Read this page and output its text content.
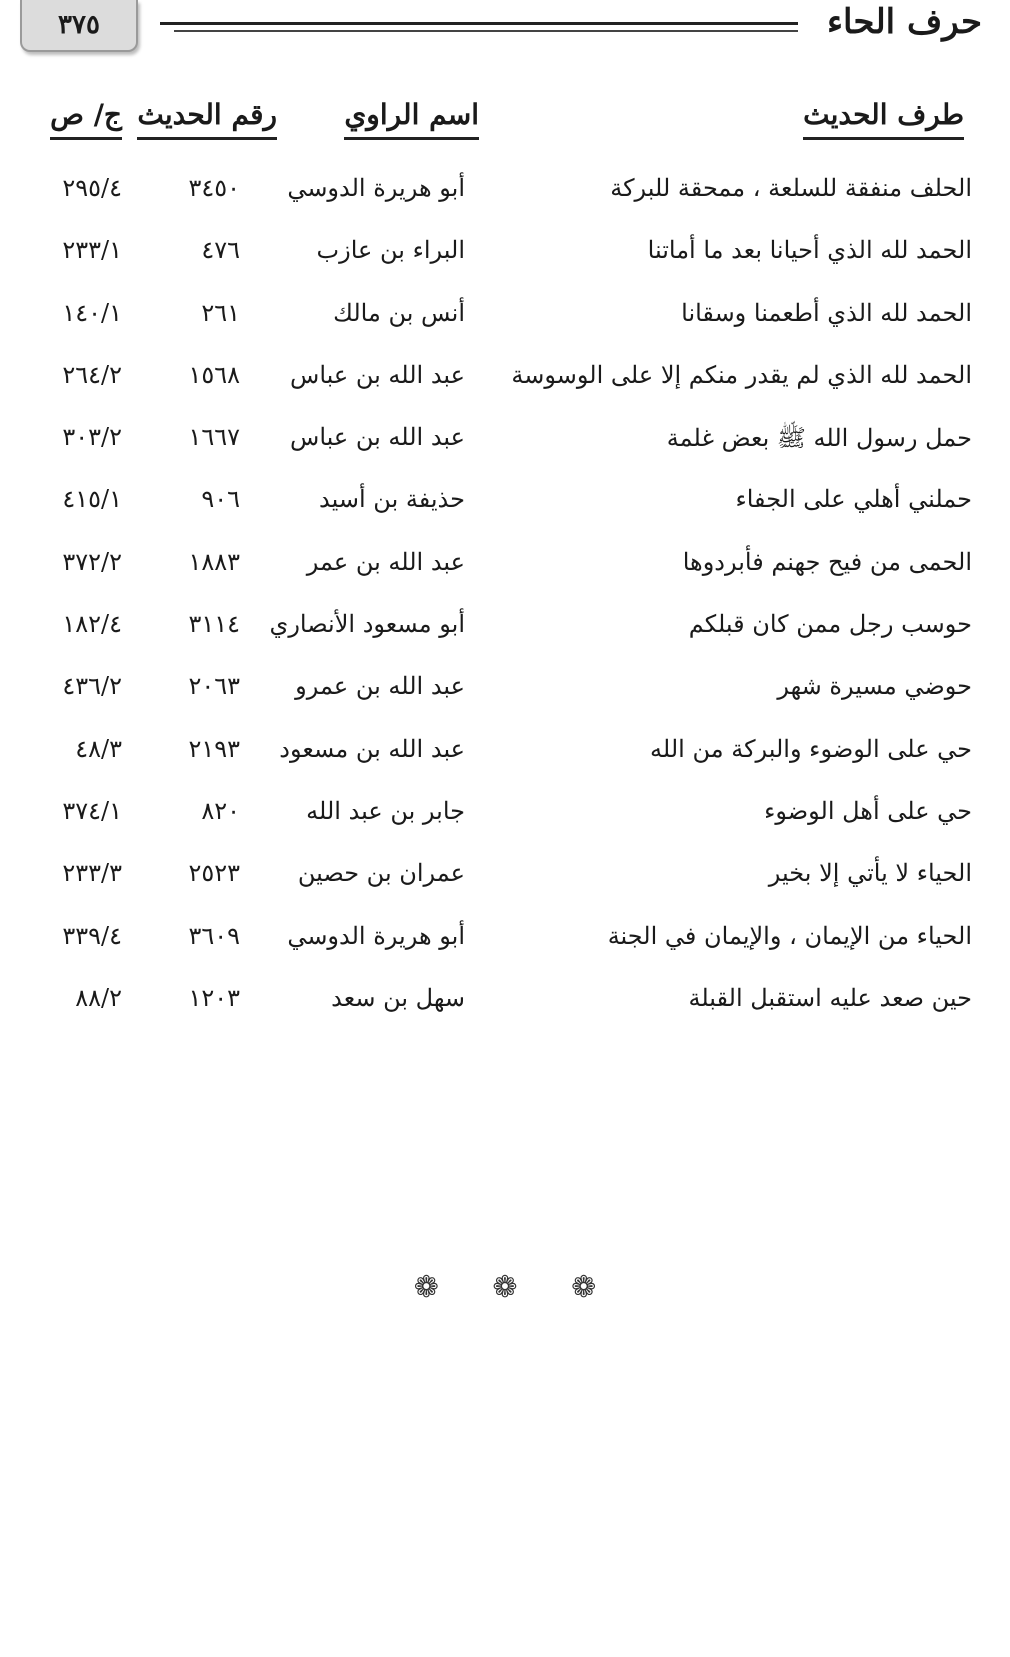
٣٧٥	حرف الحاء
طرف الحديث
اسم الراوي
رقم الحديث
ج/ ص
الحلف منفقة للسلعة ، ممحقة للبركة
أبو هريرة الدوسي
٣٤٥٠
٢٩٥/٤
الحمد لله الذي أحيانا بعد ما أماتنا
البراء بن عازب
٤٧٦
٢٣٣/١
الحمد لله الذي أطعمنا وسقانا
أنس بن مالك
٢٦١
١٤٠/١
الحمد لله الذي لم يقدر منكم إلا على الوسوسة
عبد الله بن عباس
١٥٦٨
٢٦٤/٢
حمل رسول الله ﷺ بعض غلمة
عبد الله بن عباس
١٦٦٧
٣٠٣/٢
حملني أهلي على الجفاء
حذيفة بن أسيد
٩٠٦
٤١٥/١
الحمى من فيح جهنم فأبردوها
عبد الله بن عمر
١٨٨٣
٣٧٢/٢
حوسب رجل ممن كان قبلكم
أبو مسعود الأنصاري
٣١١٤
١٨٢/٤
حوضي مسيرة شهر
عبد الله بن عمرو
٢٠٦٣
٤٣٦/٢
حي على الوضوء والبركة من الله
عبد الله بن مسعود
٢١٩٣
٤٨/٣
حي على أهل الوضوء
جابر بن عبد الله
٨٢٠
٣٧٤/١
الحياء لا يأتي إلا بخير
عمران بن حصين
٢٥٢٣
٢٣٣/٣
الحياء من الإيمان ، والإيمان في الجنة
أبو هريرة الدوسي
٣٦٠٩
٣٣٩/٤
حين صعد عليه استقبل القبلة
سهل بن سعد
١٢٠٣
٨٨/٢
❁ ❁ ❁
